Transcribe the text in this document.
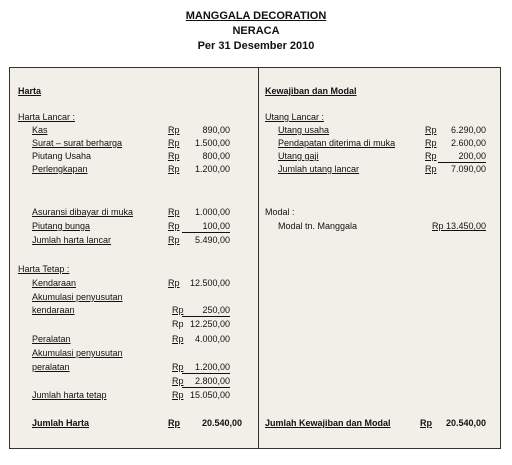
MANGGALA DECORATION
NERACA
Per 31 Desember 2010
Harta
Harta Lancar :
Kas	Rp	890,00
Surat – surat berharga	Rp 1.500,00
Piutang Usaha	Rp	800,00
Perlengkapan	Rp 1.200,00
Asuransi dibayar di muka	Rp 1.000,00
Piutang bunga	Rp	100,00
Jumlah harta lancar	Rp 5.490,00
Harta Tetap :
Kendaraan	Rp 12.500,00
Akumulasi penyusutan
kendaraan	Rp	250,00
Rp 12.250,00
Peralatan	Rp 4.000,00
Akumulasi penyusutan
peralatan	Rp	1.200,00
Rp	2.800,00
Jumlah harta tetap	Rp 15.050,00
Jumlah Harta	Rp 20.540,00
Kewajiban dan Modal
Utang Lancar :
Utang usaha	Rp 6.290,00
Pendapatan diterima di muka	Rp 2.600,00
Utang gaji	Rp	200,00
Jumlah utang lancar	Rp 7.090,00
Modal :
Modal tn. Manggala	Rp 13.450,00
Jumlah Kewajiban dan Modal	Rp 20.540,00
